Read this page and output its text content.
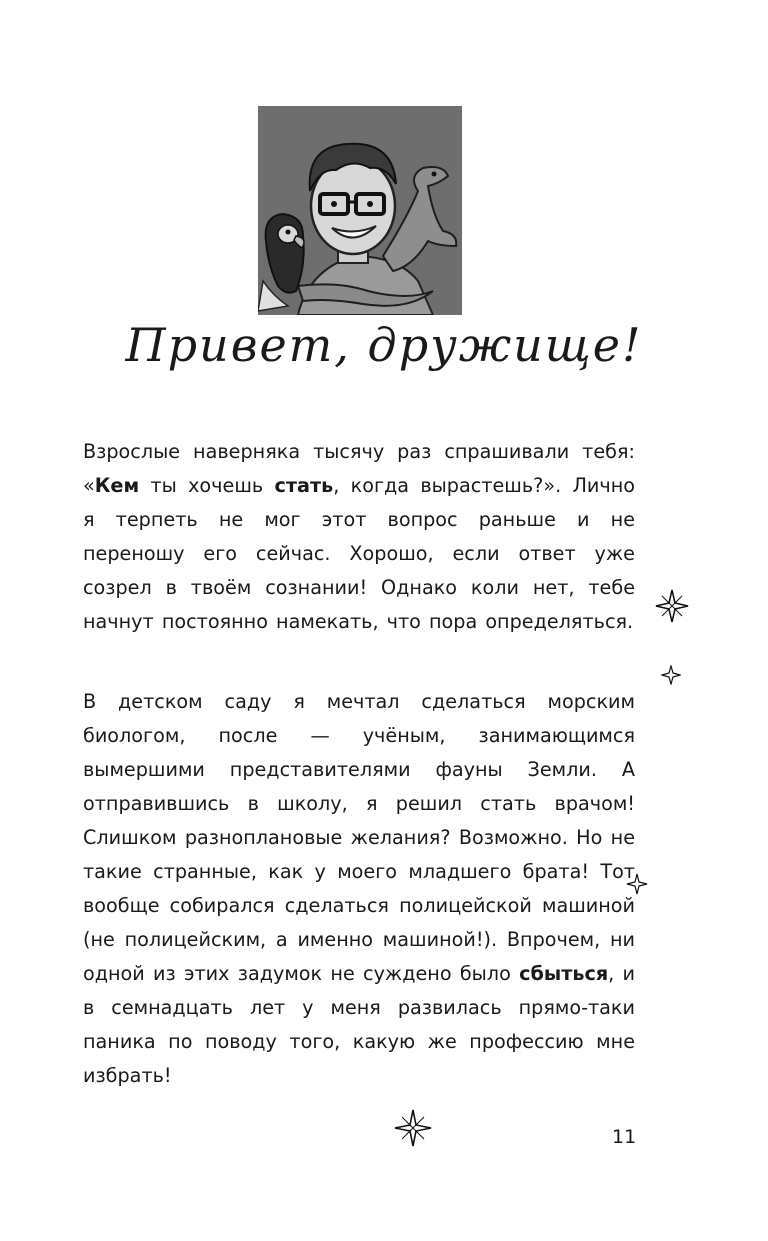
Привет, дружище!

Взрослые наверняка тысячу раз спрашивали тебя: «Кем ты хочешь стать, когда вырастешь?». Лично я терпеть не мог этот вопрос раньше и не переношу его сейчас. Хорошо, если ответ уже созрел в твоём сознании! Однако коли нет, тебе начнут постоянно намекать, что пора определяться.

В детском саду я мечтал сделаться морским биологом, после — учёным, занимающимся вымершими представителями фауны Земли. А отправившись в школу, я решил стать врачом! Слишком разноплановые желания? Возможно. Но не такие странные, как у моего младшего брата! Тот вообще собирался сделаться полицейской машиной (не полицейским, а именно машиной!). Впрочем, ни одной из этих задумок не суждено было сбыться, и в семнадцать лет у меня развилась прямо-таки паника по поводу того, какую же профессию мне избрать!

11
